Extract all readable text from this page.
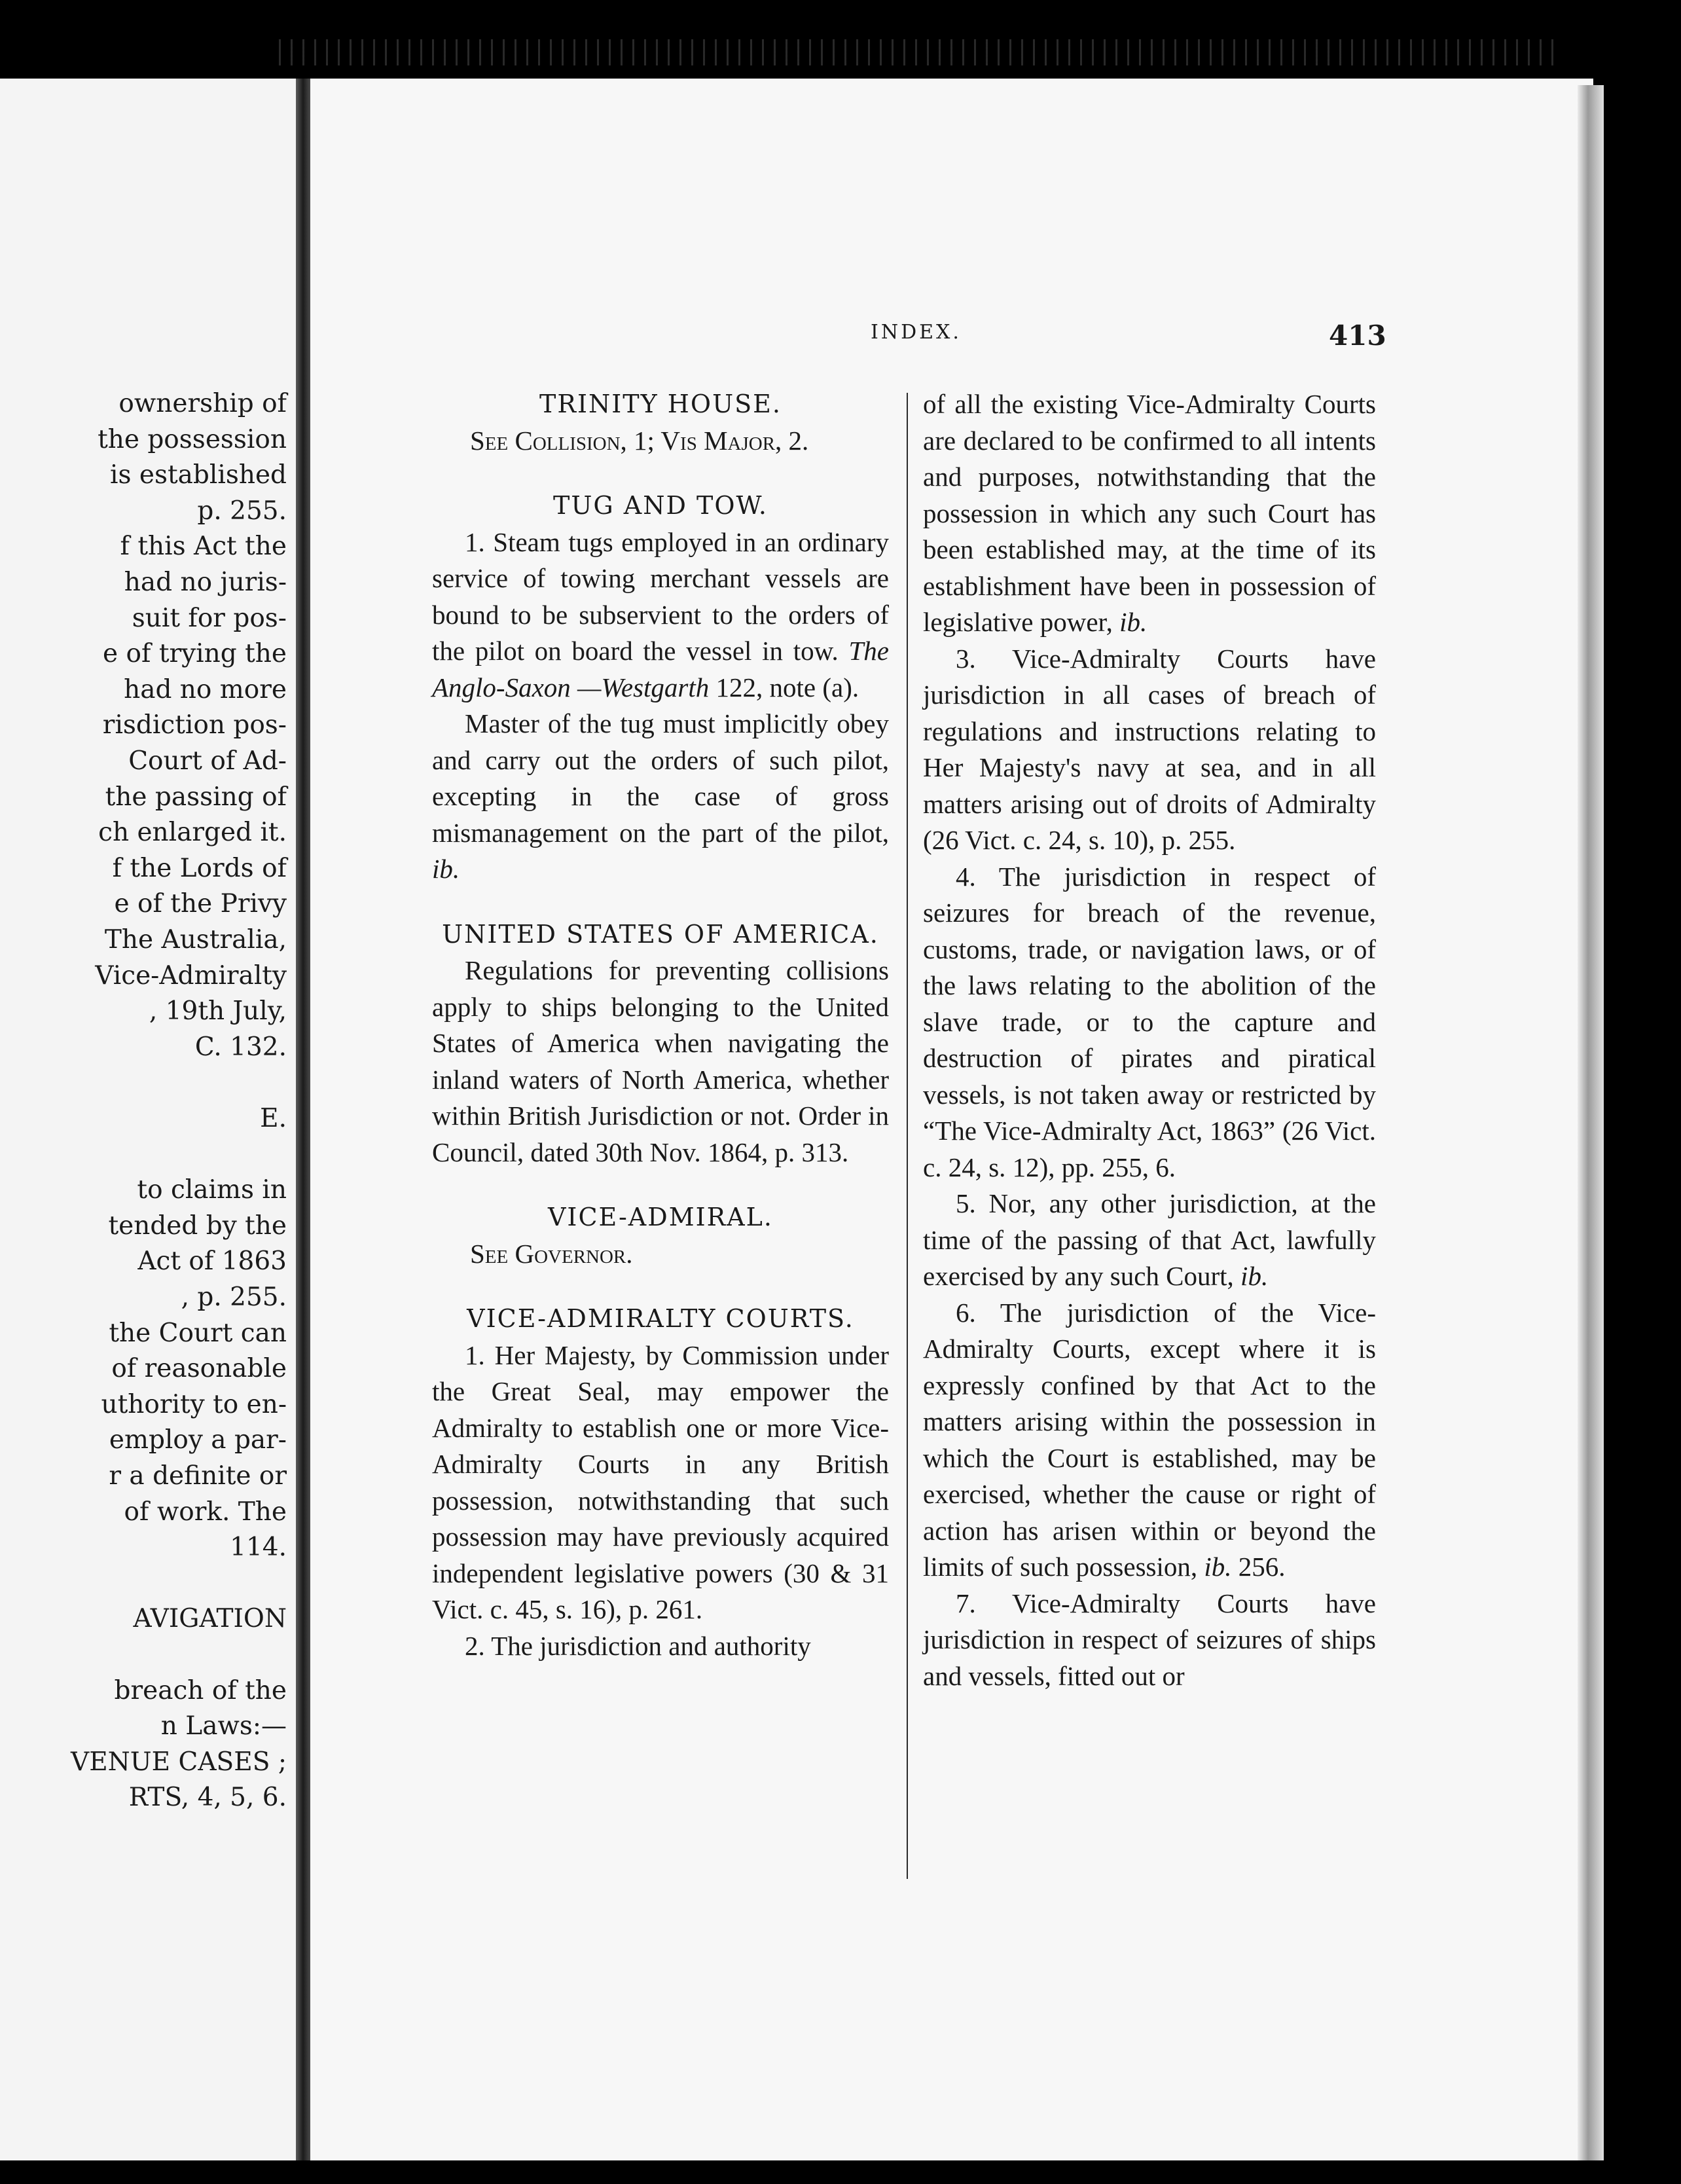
ownership of
the possession
is established
p. 255.
f this Act the
had no juris-
suit for pos-
e of trying the
had no more
risdiction pos-
Court of Ad-
the passing of
ch enlarged it.
f the Lords of
e of the Privy
The Australia,
Vice-Admiralty
, 19th July,
C. 132.
E.
to claims in
tended by the
Act of 1863
, p. 255.
the Court can
of reasonable
uthority to en-
employ a par-
r a definite or
of work. The
114.
AVIGATION
breach of the
n Laws:—
VENUE CASES ;
RTS, 4, 5, 6.
INDEX.	413

TRINITY HOUSE.

See Collision, 1; Vis Major, 2.

TUG AND TOW.

1. Steam tugs employed in an ordinary service of towing merchant vessels are bound to be subservient to the orders of the pilot on board the vessel in tow. The Anglo-Saxon —Westgarth 122, note (a).

Master of the tug must implicitly obey and carry out the orders of such pilot, excepting in the case of gross mismanagement on the part of the pilot, ib.

UNITED STATES OF AMERICA.

Regulations for preventing collisions apply to ships belonging to the United States of America when navigating the inland waters of North America, whether within British Jurisdiction or not. Order in Council, dated 30th Nov. 1864, p. 313.

VICE-ADMIRAL.

See Governor.

VICE-ADMIRALTY COURTS.

1. Her Majesty, by Commission under the Great Seal, may empower the Admiralty to establish one or more Vice-Admiralty Courts in any British possession, notwithstanding that such possession may have previously acquired independent legislative powers (30 & 31 Vict. c. 45, s. 16), p. 261.

2. The jurisdiction and authority

of all the existing Vice-Admiralty Courts are declared to be confirmed to all intents and purposes, notwithstanding that the possession in which any such Court has been established may, at the time of its establishment have been in possession of legislative power, ib.

3. Vice-Admiralty Courts have jurisdiction in all cases of breach of regulations and instructions relating to Her Majesty's navy at sea, and in all matters arising out of droits of Admiralty (26 Vict. c. 24, s. 10), p. 255.

4. The jurisdiction in respect of seizures for breach of the revenue, customs, trade, or navigation laws, or of the laws relating to the abolition of the slave trade, or to the capture and destruction of pirates and piratical vessels, is not taken away or restricted by “The Vice-Admiralty Act, 1863” (26 Vict. c. 24, s. 12), pp. 255, 6.

5. Nor, any other jurisdiction, at the time of the passing of that Act, lawfully exercised by any such Court, ib.

6. The jurisdiction of the Vice-Admiralty Courts, except where it is expressly confined by that Act to the matters arising within the possession in which the Court is established, may be exercised, whether the cause or right of action has arisen within or beyond the limits of such possession, ib. 256.

7. Vice-Admiralty Courts have jurisdiction in respect of seizures of ships and vessels, fitted out or
